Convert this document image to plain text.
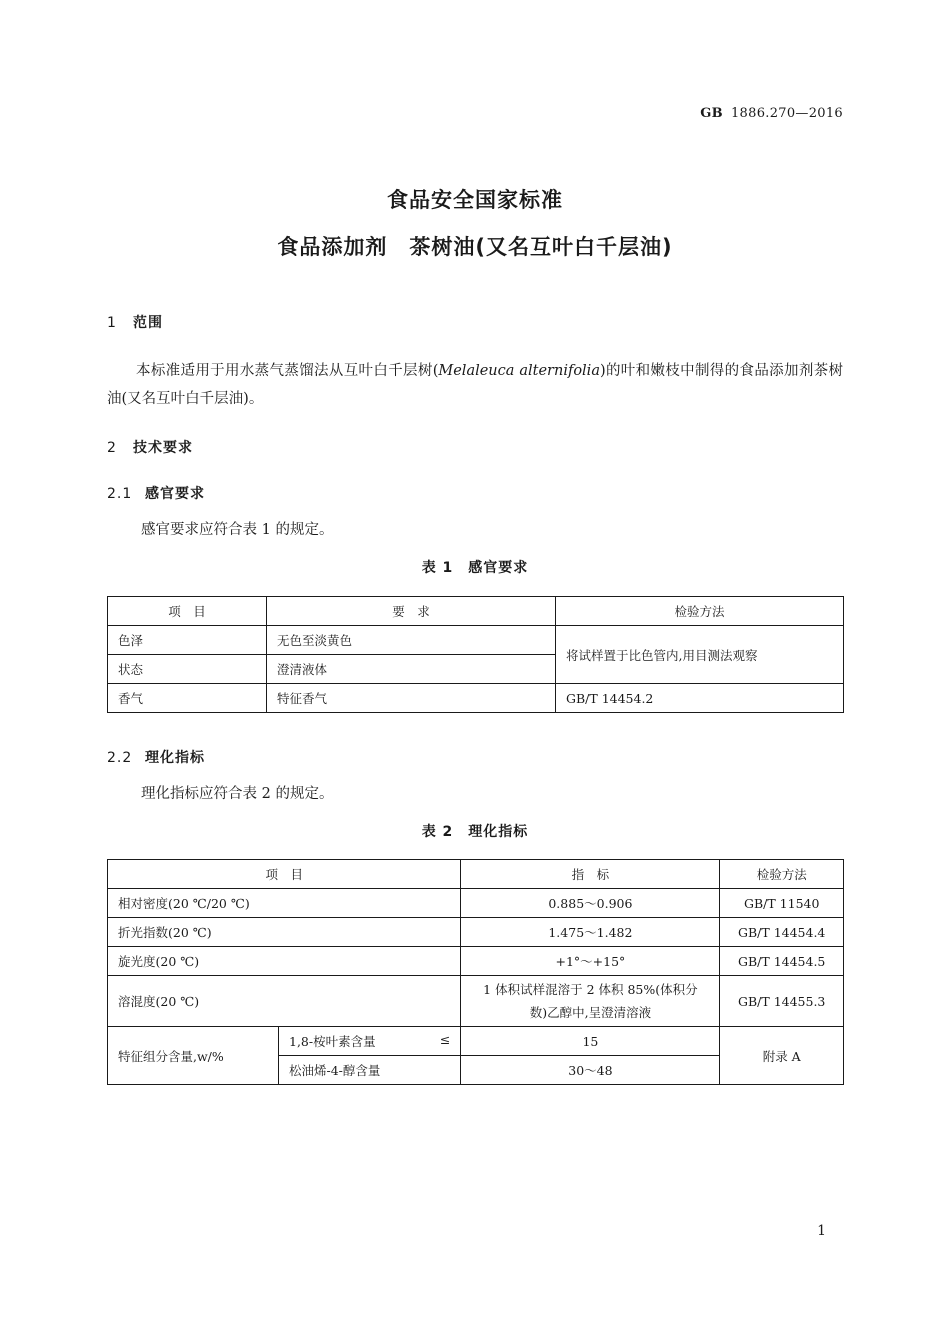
GB 1886.270—2016
食品安全国家标准
食品添加剂　茶树油(又名互叶白千层油)
1 范围
本标准适用于用水蒸气蒸馏法从互叶白千层树(Melaleuca alternifolia)的叶和嫩枝中制得的食品添加剂茶树油(又名互叶白千层油)。
2 技术要求
2.1 感官要求
感官要求应符合表 1 的规定。
表 1　感官要求
项　目	要　求	检验方法
色泽	无色至淡黄色	将试样置于比色管内,用目测法观察
状态	澄清液体	
香气	特征香气	GB/T 14454.2
2.2 理化指标
理化指标应符合表 2 的规定。
表 2　理化指标
项　目		指　标	检验方法
相对密度(20 ℃/20 ℃)		0.885～0.906	GB/T 11540
折光指数(20 ℃)		1.475～1.482	GB/T 14454.4
旋光度(20 ℃)		+1°～+15°	GB/T 14454.5
溶混度(20 ℃)		1 体积试样混溶于 2 体积 85%(体积分数)乙醇中,呈澄清溶液	GB/T 14455.3
特征组分含量,w/%	1,8-桉叶素含量 ≤	15	附录 A
	松油烯-4-醇含量	30～48	
1
